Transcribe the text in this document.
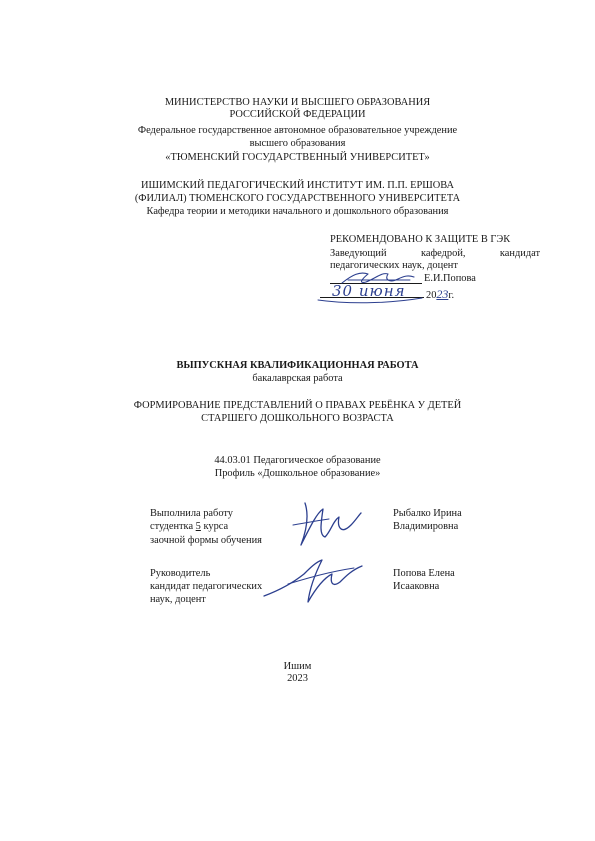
МИНИСТЕРСТВО НАУКИ И ВЫСШЕГО ОБРАЗОВАНИЯ
РОССИЙСКОЙ ФЕДЕРАЦИИ
Федеральное государственное автономное образовательное учреждение
высшего образования
«ТЮМЕНСКИЙ ГОСУДАРСТВЕННЫЙ УНИВЕРСИТЕТ»
ИШИМСКИЙ ПЕДАГОГИЧЕСКИЙ ИНСТИТУТ ИМ. П.П. ЕРШОВА
(ФИЛИАЛ) ТЮМЕНСКОГО ГОСУДАРСТВЕННОГО УНИВЕРСИТЕТА
Кафедра теории и методики начального и дошкольного образования
РЕКОМЕНДОВАНО К ЗАЩИТЕ В ГЭК
Заведующий	кафедрой,	кандидат
педагогических наук, доцент
Е.И.Попова
30 июня 2023г.
ВЫПУСКНАЯ КВАЛИФИКАЦИОННАЯ РАБОТА
бакалаврская работа
ФОРМИРОВАНИЕ ПРЕДСТАВЛЕНИЙ О ПРАВАХ РЕБЁНКА У ДЕТЕЙ
СТАРШЕГО ДОШКОЛЬНОГО ВОЗРАСТА
44.03.01 Педагогическое образование
Профиль «Дошкольное образование»
Выполнила работу
студентка 5 курса
заочной формы обучения
Рыбалко Ирина
Владимировна
Руководитель
кандидат педагогических
наук, доцент
Попова Елена
Исааковна
Ишим
2023
